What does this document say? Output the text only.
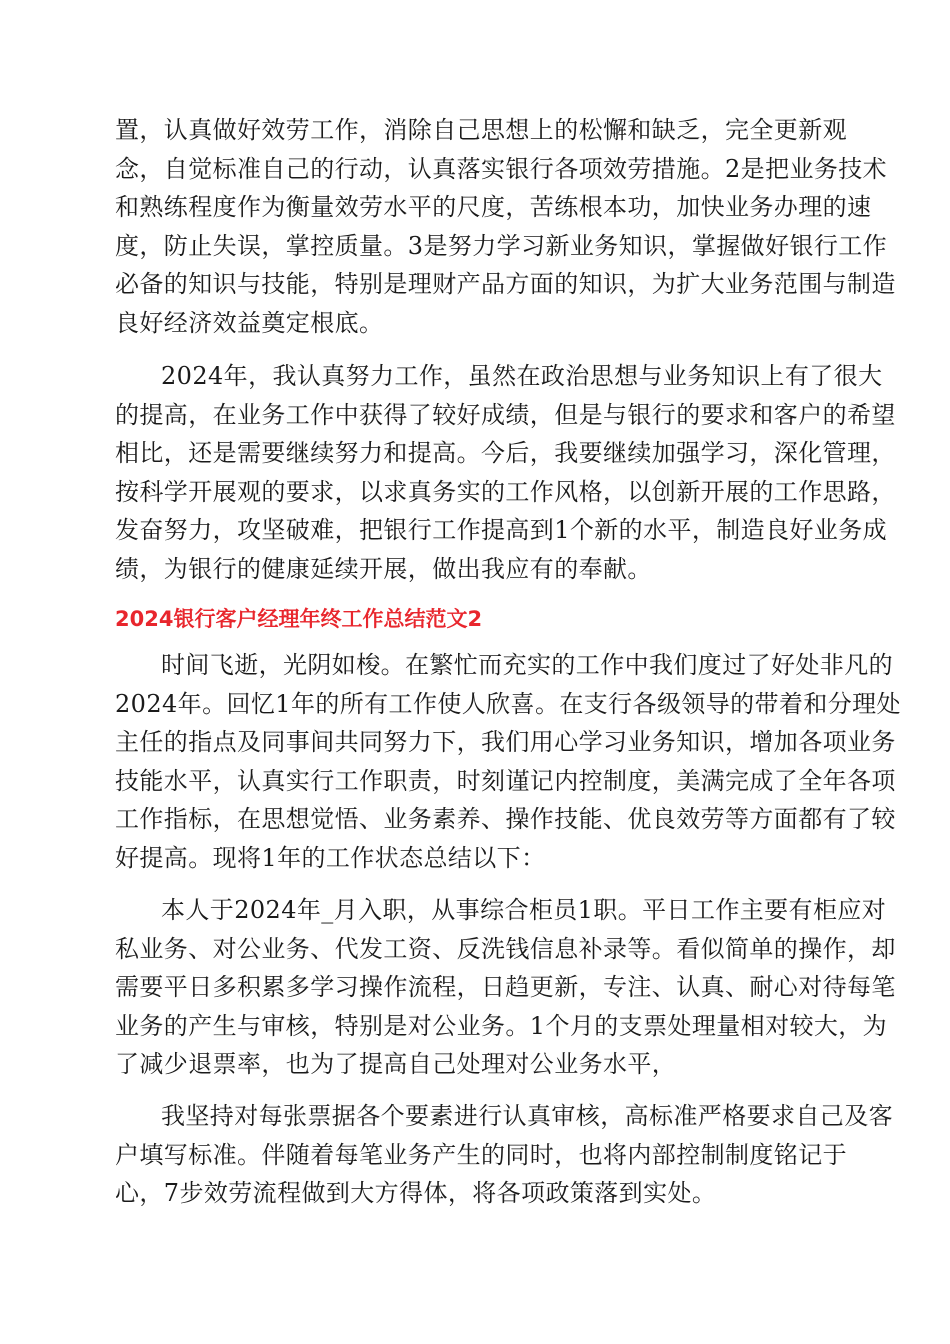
置，认真做好效劳工作，消除自己思想上的松懈和缺乏，完全更新观
念，自觉标准自己的行动，认真落实银行各项效劳措施。2是把业务技术
和熟练程度作为衡量效劳水平的尺度，苦练根本功，加快业务办理的速
度，防止失误，掌控质量。3是努力学习新业务知识，掌握做好银行工作
必备的知识与技能，特别是理财产品方面的知识，为扩大业务范围与制造
良好经济效益奠定根底。
2024年，我认真努力工作，虽然在政治思想与业务知识上有了很大
的提高，在业务工作中获得了较好成绩，但是与银行的要求和客户的希望
相比，还是需要继续努力和提高。今后，我要继续加强学习，深化管理，
按科学开展观的要求，以求真务实的工作风格，以创新开展的工作思路，
发奋努力，攻坚破难，把银行工作提高到1个新的水平，制造良好业务成
绩，为银行的健康延续开展，做出我应有的奉献。
2024银行客户经理年终工作总结范文2
时间飞逝，光阴如梭。在繁忙而充实的工作中我们度过了好处非凡的
2024年。回忆1年的所有工作使人欣喜。在支行各级领导的带着和分理处
主任的指点及同事间共同努力下，我们用心学习业务知识，增加各项业务
技能水平，认真实行工作职责，时刻谨记内控制度，美满完成了全年各项
工作指标，在思想觉悟、业务素养、操作技能、优良效劳等方面都有了较
好提高。现将1年的工作状态总结以下：
本人于2024年_月入职，从事综合柜员1职。平日工作主要有柜应对
私业务、对公业务、代发工资、反洗钱信息补录等。看似简单的操作，却
需要平日多积累多学习操作流程，日趋更新，专注、认真、耐心对待每笔
业务的产生与审核，特别是对公业务。1个月的支票处理量相对较大，为
了减少退票率，也为了提高自己处理对公业务水平，
我坚持对每张票据各个要素进行认真审核，高标准严格要求自己及客
户填写标准。伴随着每笔业务产生的同时，也将内部控制制度铭记于
心，7步效劳流程做到大方得体，将各项政策落到实处。
